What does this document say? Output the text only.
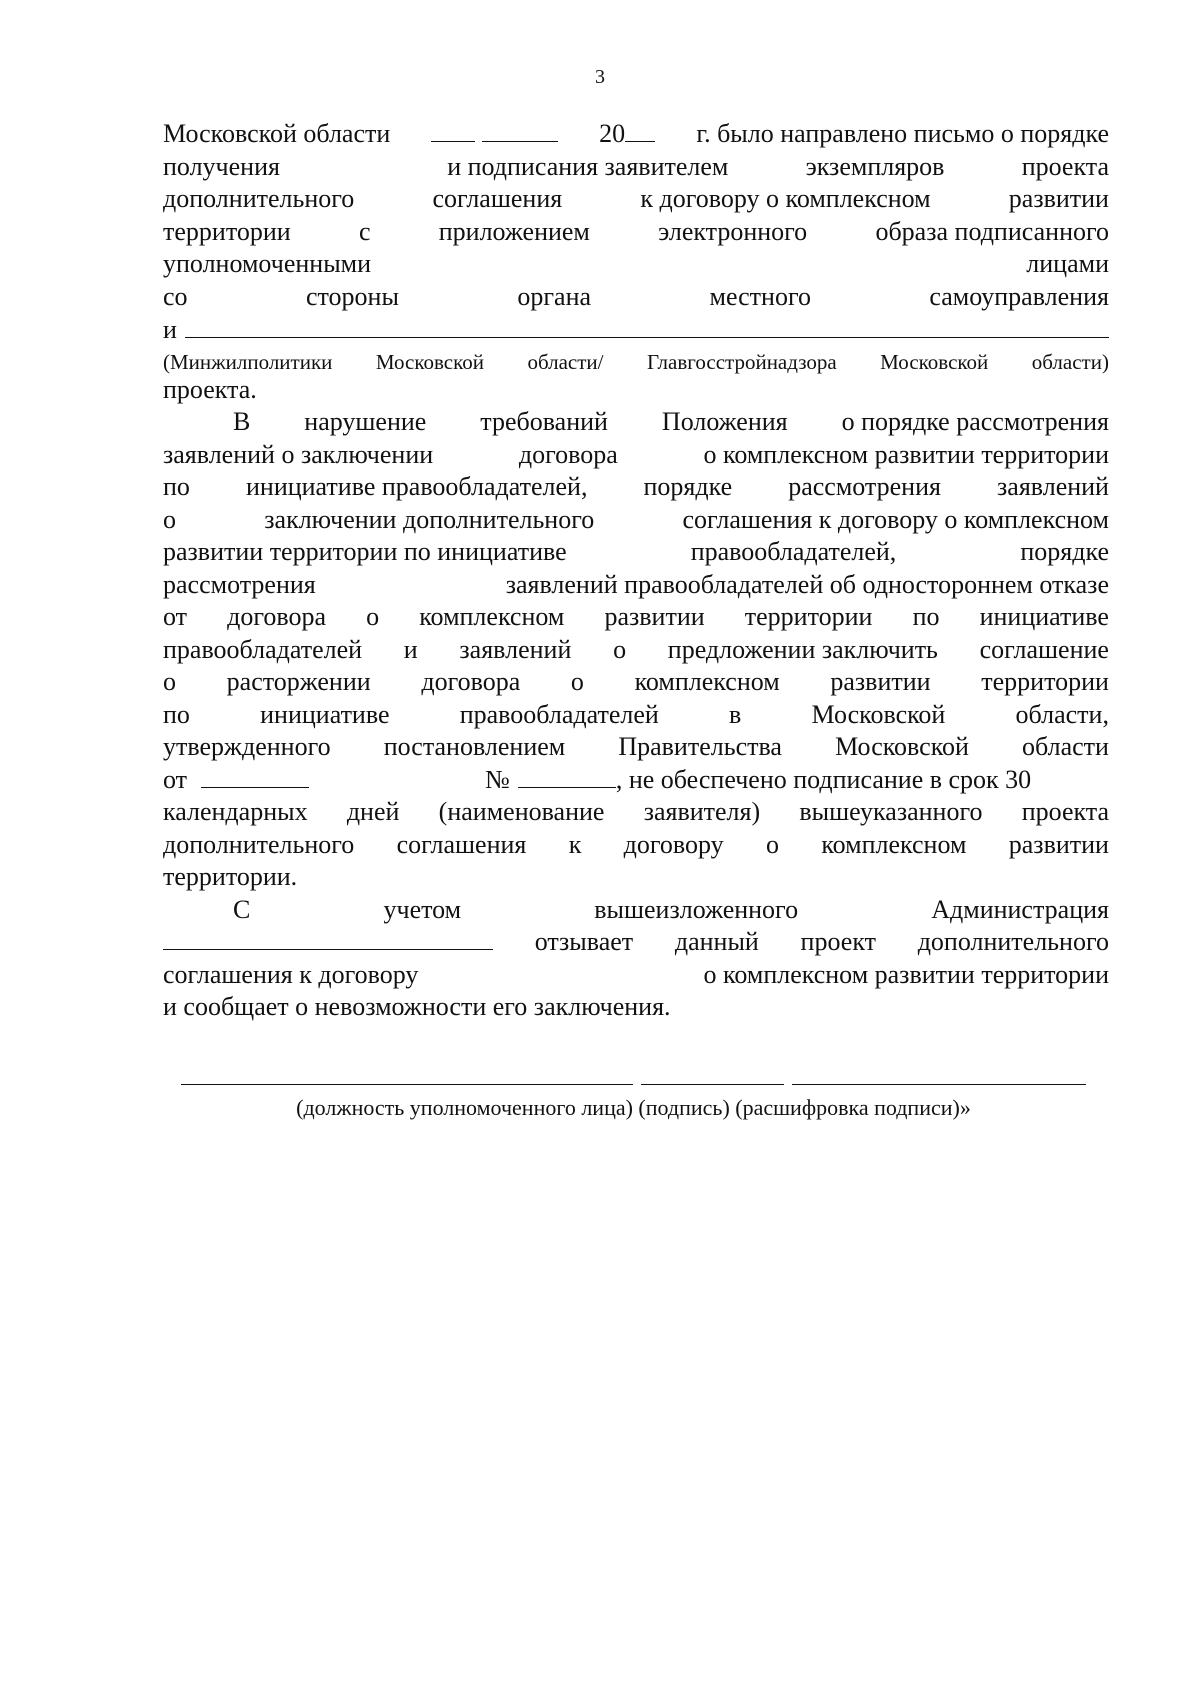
3
Московской области
	20	г. было направлено письмо о порядке
получения	и подписания заявителем	экземпляров	проекта
дополнительного	соглашения	к договору о комплексном	развитии
территории	с	приложением	электронного	образа подписанного
уполномоченными	лицами
со	стороны	органа	местного	самоуправления
и
(Минжилполитики Московской области/ Главгосстройнадзора Московской области)
проекта.
В нарушение требований Положения о порядке рассмотрения
заявлений о заключении	договора	о комплексном развитии территории
по инициативе правообладателей, порядке рассмотрения заявлений
о	заключении дополнительного	соглашения к договору о комплексном
развитии территории по инициативе	правообладателей,	порядке
рассмотрения	заявлений правообладателей об одностороннем отказе
от договора о комплексном развитии территории по инициативе
правообладателей и заявлений о предложении заключить соглашение
о расторжении договора о комплексном развитии территории
по	инициативе	правообладателей	в	Московской	области,
утвержденного постановлением Правительства Московской области
от	№	, не обеспечено подписание в срок 30
календарных дней (наименование заявителя) вышеуказанного проекта
дополнительного соглашения к договору о комплексном развитии
территории.
С	учетом	вышеизложенного	Администрация
отзывает данный проект дополнительного
соглашения к договору	о комплексном развитии территории
и сообщает о невозможности его заключения.
(должность уполномоченного лица) (подпись) (расшифровка подписи)»
